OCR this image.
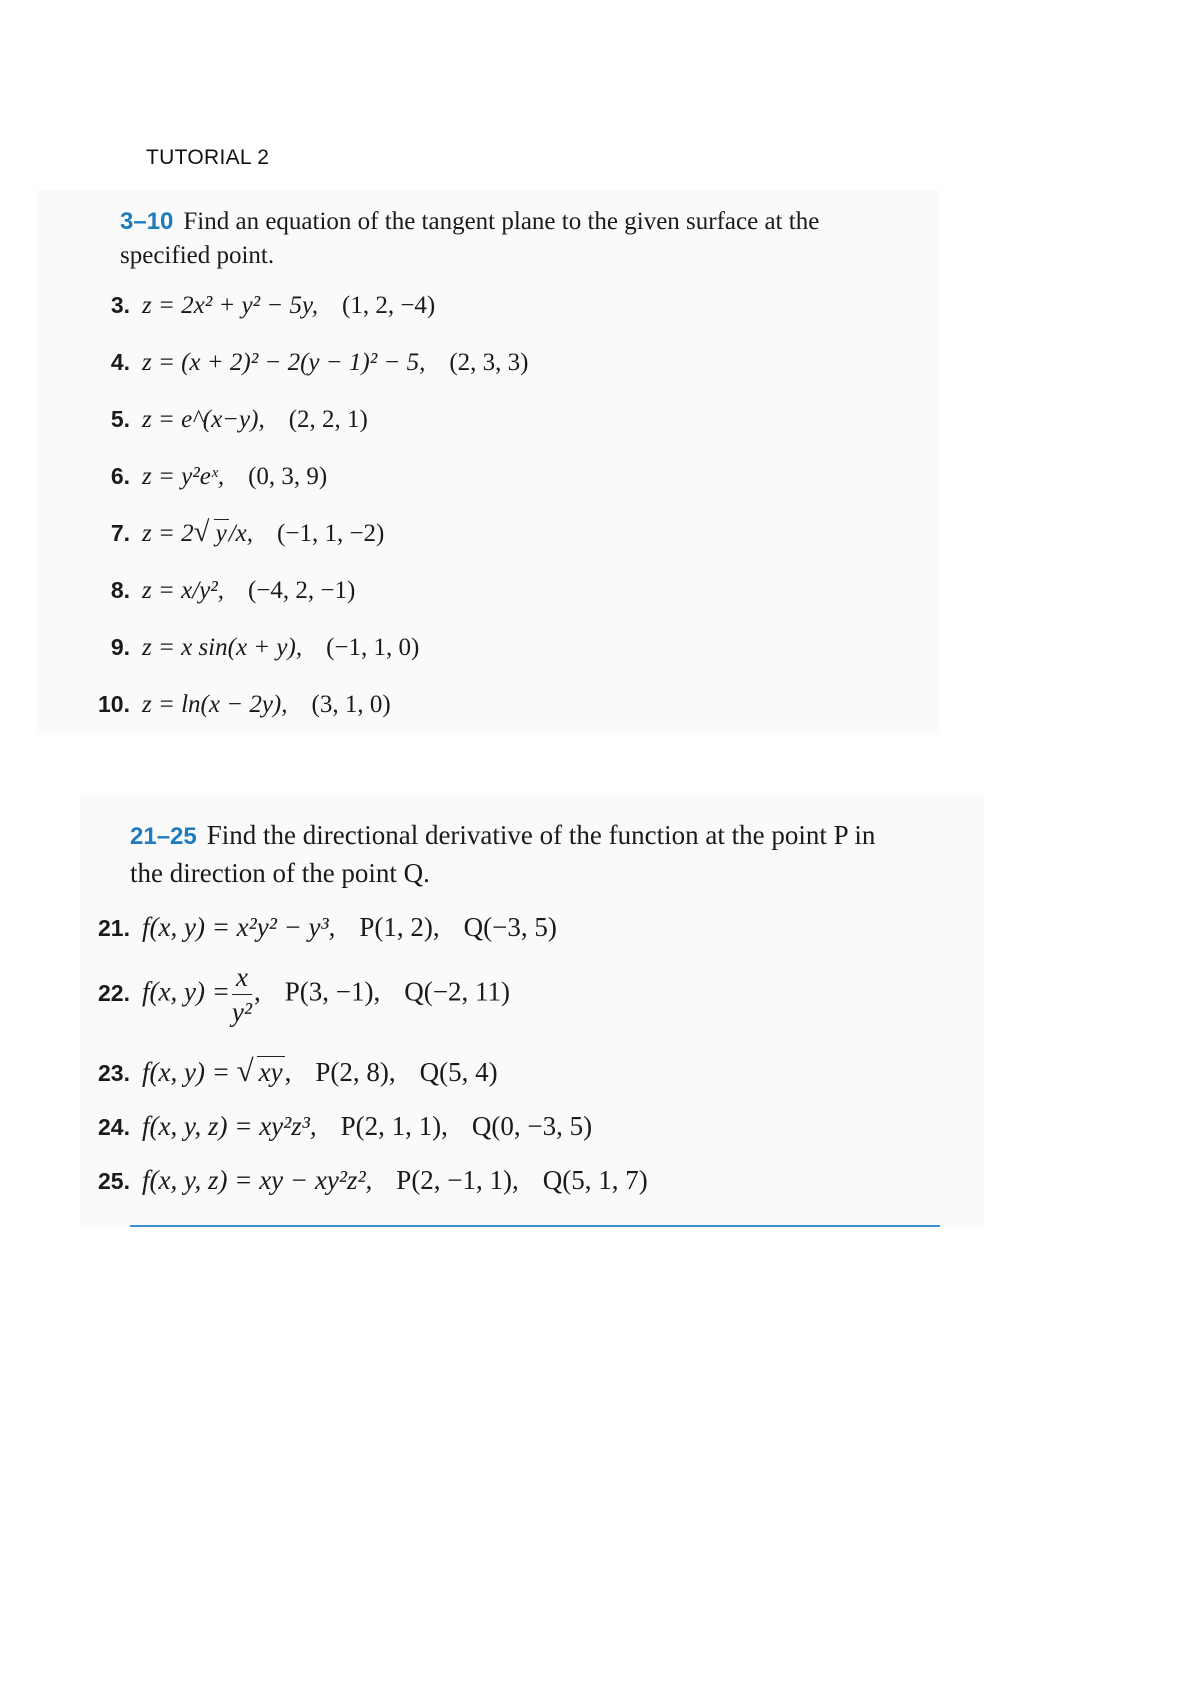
TUTORIAL 2
3–10 Find an equation of the tangent plane to the given surface at the specified point.
3. z = 2x² + y² − 5y, (1, 2, −4)
4. z = (x + 2)² − 2(y − 1)² − 5, (2, 3, 3)
5. z = e^(x−y), (2, 2, 1)
6. z = y²eˣ, (0, 3, 9)
7. z = 2 √ y/x, (−1, 1, −2)
8. z = x/y², (−4, 2, −1)
9. z = x sin(x + y), (−1, 1, 0)
10. z = ln(x − 2y), (3, 1, 0)
21–25 Find the directional derivative of the function at the point P in the direction of the point Q.
21. f(x, y) = x²y² − y³, P(1, 2), Q(−3, 5)
22. f(x, $y) = \frac{x}{\text{y²}}$ , P(3, −1), Q(−2, 11)
23. f(x, y) = √ xy, P(2, 8), Q(5, 4)
24. f(x, y, z) = xy²z³, P(2, 1, 1), Q(0, −3, 5)
25. f(x, y, z) = xy − xy²z², P(2, −1, 1), Q(5, 1, 7)
